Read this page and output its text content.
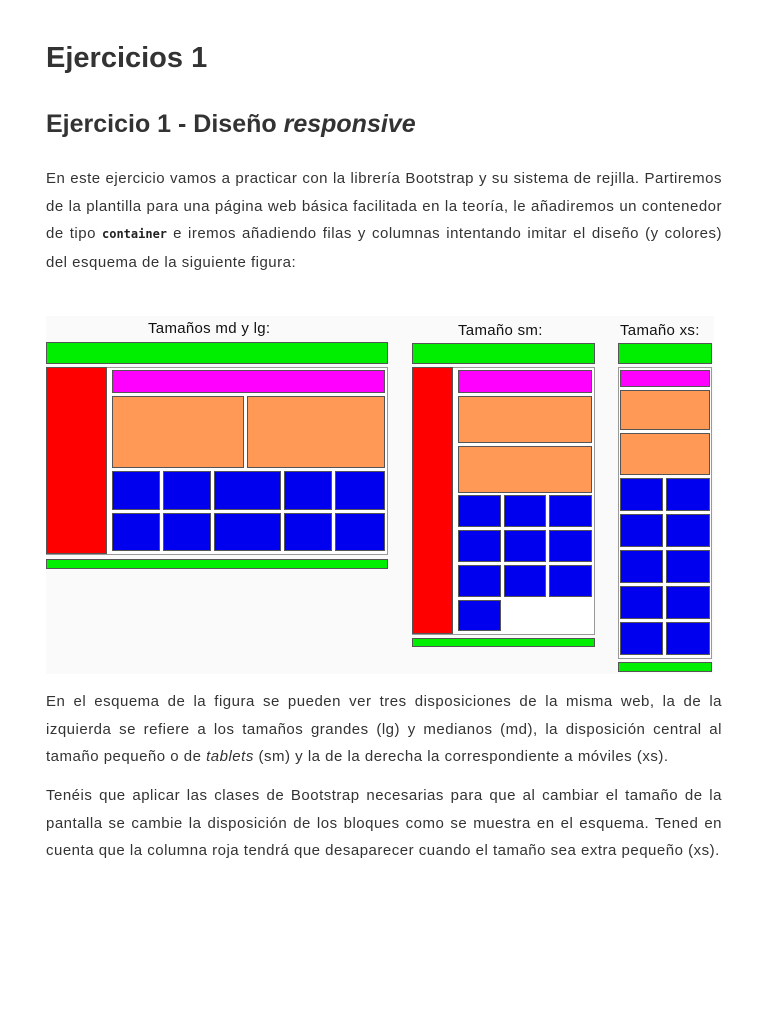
Ejercicios 1
Ejercicio 1 - Diseño responsive

En este ejercicio vamos a practicar con la librería Bootstrap y su sistema de rejilla. Partiremos de la plantilla para una página web básica facilitada en la teoría, le añadiremos un contenedor de tipo container e iremos añadiendo filas y columnas intentando imitar el diseño (y colores) del esquema de la siguiente figura:

Tamaños md y lg:	Tamaño sm:	Tamaño xs:

En el esquema de la figura se pueden ver tres disposiciones de la misma web, la de la izquierda se refiere a los tamaños grandes (lg) y medianos (md), la disposición central al tamaño pequeño o de tablets (sm) y la de la derecha la correspondiente a móviles (xs).

Tenéis que aplicar las clases de Bootstrap necesarias para que al cambiar el tamaño de la pantalla se cambie la disposición de los bloques como se muestra en el esquema. Tened en cuenta que la columna roja tendrá que desaparecer cuando el tamaño sea extra pequeño (xs).
